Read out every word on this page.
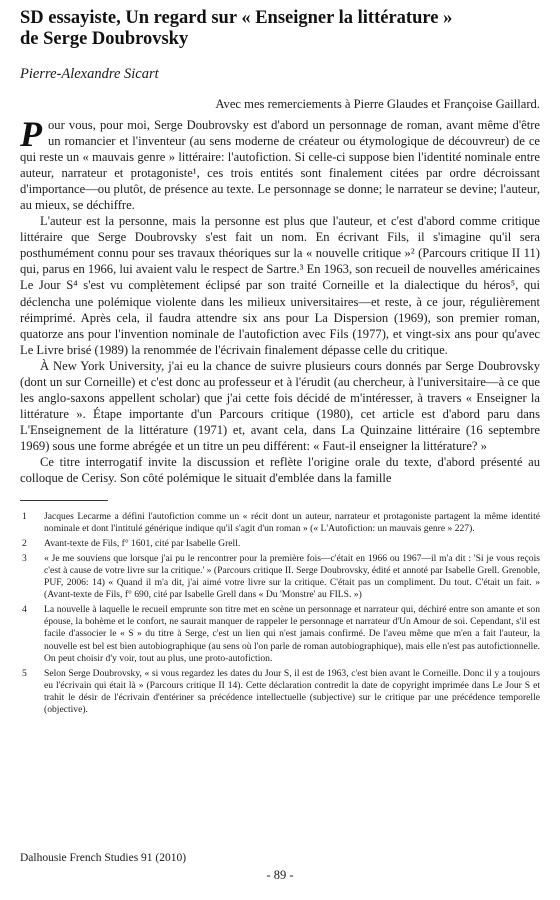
SD essayiste, Un regard sur « Enseigner la littérature »
de Serge Doubrovsky

Pierre-Alexandre Sicart

Avec mes remerciements à Pierre Glaudes et Françoise Gaillard.

Pour vous, pour moi, Serge Doubrovsky est d'abord un personnage de roman, avant même d'être un romancier et l'inventeur (au sens moderne de créateur ou étymologique de découvreur) de ce qui reste un « mauvais genre » littéraire: l'autofiction. Si celle-ci suppose bien l'identité nominale entre auteur, narrateur et protagoniste¹, ces trois entités sont finalement citées par ordre décroissant d'importance—ou plutôt, de présence au texte. Le personnage se donne; le narrateur se devine; l'auteur, au mieux, se déchiffre.

L'auteur est la personne, mais la personne est plus que l'auteur, et c'est d'abord comme critique littéraire que Serge Doubrovsky s'est fait un nom. En écrivant Fils, il s'imagine qu'il sera posthumément connu pour ses travaux théoriques sur la « nouvelle critique »² (Parcours critique II 11) qui, parus en 1966, lui avaient valu le respect de Sartre.³ En 1963, son recueil de nouvelles américaines Le Jour S⁴ s'est vu complètement éclipsé par son traité Corneille et la dialectique du héros⁵, qui déclencha une polémique violente dans les milieux universitaires—et reste, à ce jour, régulièrement réimprimé. Après cela, il faudra attendre six ans pour La Dispersion (1969), son premier roman, quatorze ans pour l'invention nominale de l'autofiction avec Fils (1977), et vingt-six ans pour qu'avec Le Livre brisé (1989) la renommée de l'écrivain finalement dépasse celle du critique.

À New York University, j'ai eu la chance de suivre plusieurs cours donnés par Serge Doubrovsky (dont un sur Corneille) et c'est donc au professeur et à l'érudit (au chercheur, à l'universitaire—à ce que les anglo-saxons appellent scholar) que j'ai cette fois décidé de m'intéresser, à travers « Enseigner la littérature ». Étape importante d'un Parcours critique (1980), cet article est d'abord paru dans L'Enseignement de la littérature (1971) et, avant cela, dans La Quinzaine littéraire (16 septembre 1969) sous une forme abrégée et un titre un peu différent: « Faut-il enseigner la littérature? »

Ce titre interrogatif invite la discussion et reflète l'origine orale du texte, d'abord présenté au colloque de Cerisy. Son côté polémique le situait d'emblée dans la famille

1	Jacques Lecarme a défini l'autofiction comme un « récit dont un auteur, narrateur et protagoniste partagent la même identité nominale et dont l'intitulé générique indique qu'il s'agit d'un roman » (« L'Autofiction: un mauvais genre » 227).
2	Avant-texte de Fils, f° 1601, cité par Isabelle Grell.
3	« Je me souviens que lorsque j'ai pu le rencontrer pour la première fois—c'était en 1966 ou 1967—il m'a dit : 'Si je vous reçois c'est à cause de votre livre sur la critique.' » (Parcours critique II. Serge Doubrovsky, édité et annoté par Isabelle Grell. Grenoble, PUF, 2006: 14) « Quand il m'a dit, j'ai aimé votre livre sur la critique. C'était pas un compliment. Du tout. C'était un fait. » (Avant-texte de Fils, f° 690, cité par Isabelle Grell dans « Du 'Monstre' au FILS. »)
4	La nouvelle à laquelle le recueil emprunte son titre met en scène un personnage et narrateur qui, déchiré entre son amante et son épouse, la bohème et le confort, ne saurait manquer de rappeler le personnage et narrateur d'Un Amour de soi. Cependant, s'il est facile d'associer le « S » du titre à Serge, c'est un lien qui n'est jamais confirmé. De l'aveu même que m'en a fait l'auteur, la nouvelle est bel est bien autobiographique (au sens où l'on parle de roman autobiographique), mais elle n'est pas autofictionnelle. On peut choisir d'y voir, tout au plus, une proto-autofiction.
5	Selon Serge Doubrovsky, « si vous regardez les dates du Jour S, il est de 1963, c'est bien avant le Corneille. Donc il y a toujours eu l'écrivain qui était là » (Parcours critique II 14). Cette déclaration contredit la date de copyright imprimée dans Le Jour S et trahit le désir de l'écrivain d'entériner sa précédence intellectuelle (subjective) sur le critique par une précédence temporelle (objective).
Dalhousie French Studies 91 (2010)
- 89 -
